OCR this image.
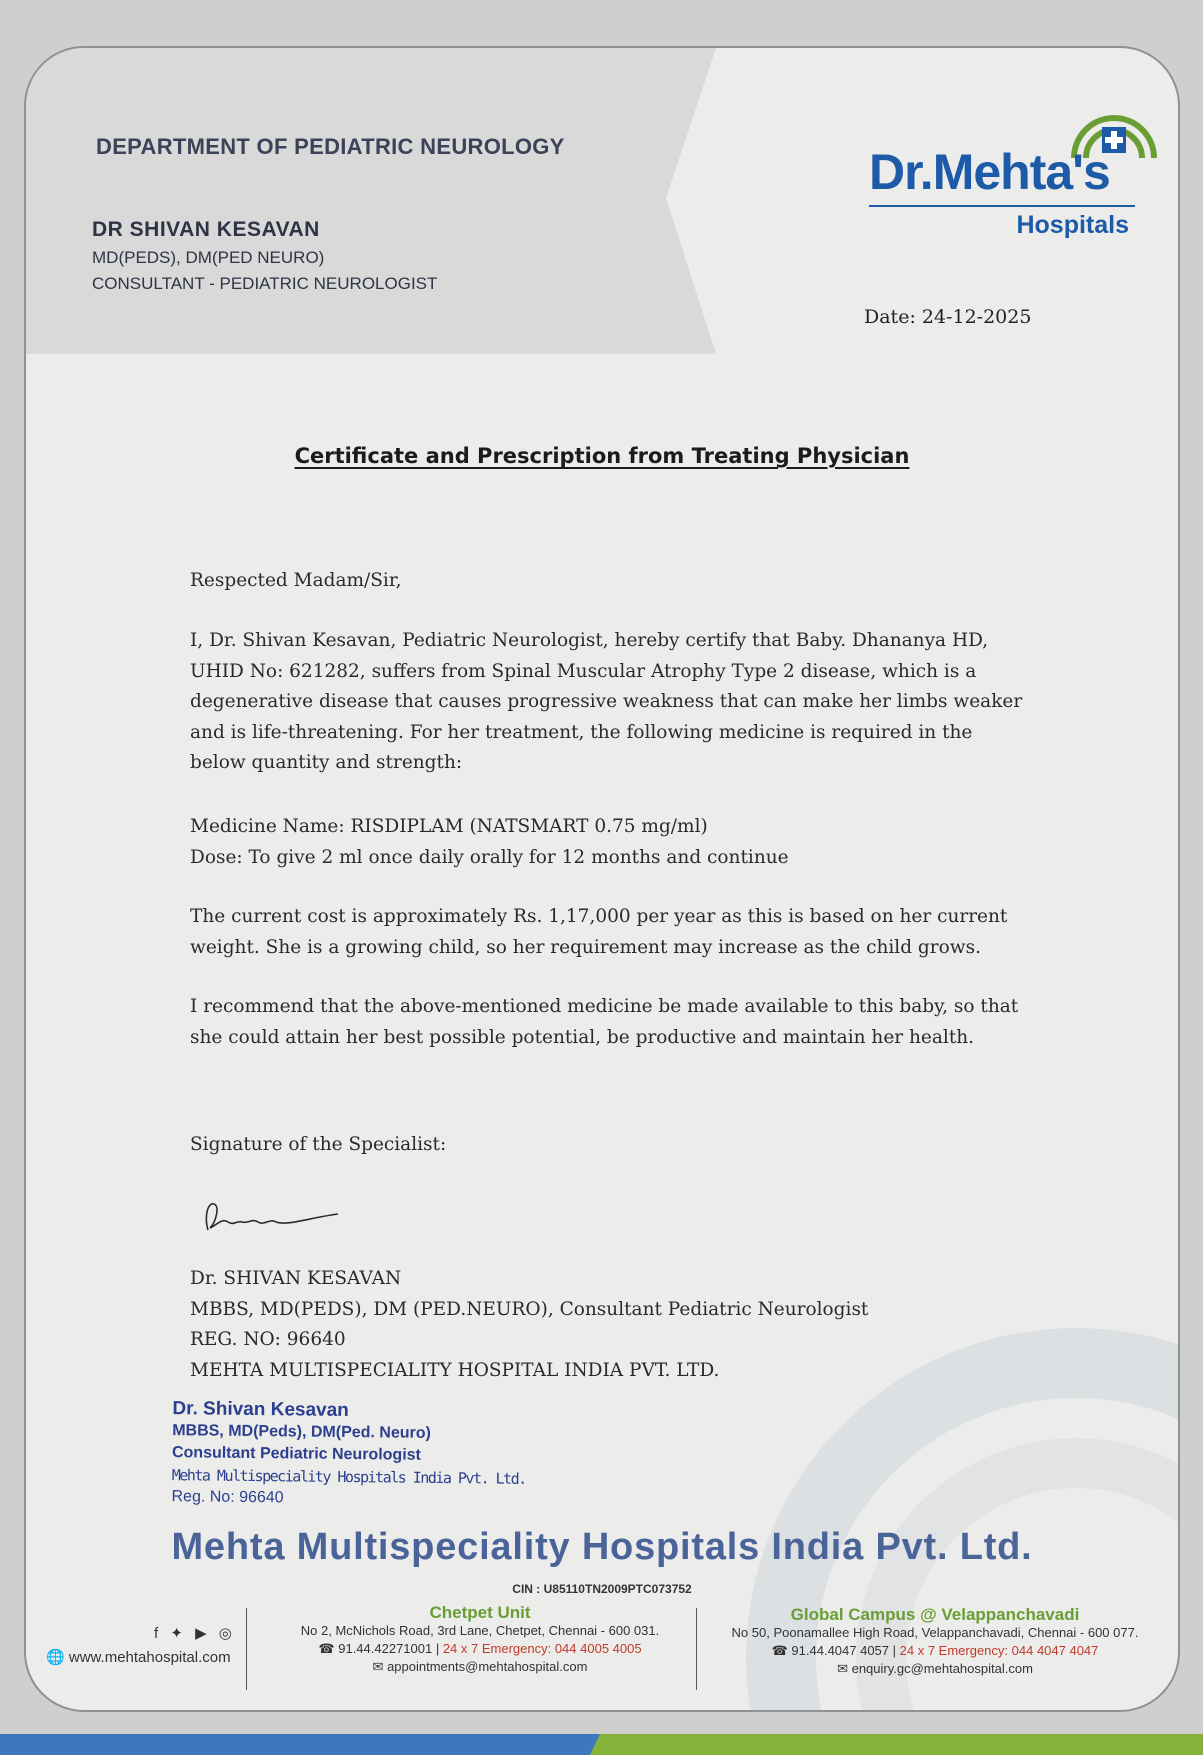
DEPARTMENT OF PEDIATRIC NEUROLOGY
DR SHIVAN KESAVAN
MD(PEDS), DM(PED NEURO)
CONSULTANT - PEDIATRIC NEUROLOGIST
Dr.Mehta's
Hospitals
Date: 24-12-2025
Certificate and Prescription from Treating Physician
Respected Madam/Sir,

I, Dr. Shivan Kesavan, Pediatric Neurologist, hereby certify that Baby. Dhananya HD,

UHID No: 621282, suffers from Spinal Muscular Atrophy Type 2 disease, which is a

degenerative disease that causes progressive weakness that can make her limbs weaker

and is life-threatening. For her treatment, the following medicine is required in the

below quantity and strength:

Medicine Name: RISDIPLAM (NATSMART 0.75 mg/ml)

Dose: To give 2 ml once daily orally for 12 months and continue

The current cost is approximately Rs. 1,17,000 per year as this is based on her current

weight. She is a growing child, so her requirement may increase as the child grows.

I recommend that the above-mentioned medicine be made available to this baby, so that

she could attain her best possible potential, be productive and maintain her health.

Signature of the Specialist:

Dr. SHIVAN KESAVAN

MBBS, MD(PEDS), DM (PED.NEURO), Consultant Pediatric Neurologist

REG. NO: 96640

MEHTA MULTISPECIALITY HOSPITAL INDIA PVT. LTD.

Dr. Shivan Kesavan
MBBS, MD(Peds), DM(Ped. Neuro)
Consultant Pediatric Neurologist
Mehta Multispeciality Hospitals India Pvt. Ltd.
Reg. No: 96640
Mehta Multispeciality Hospitals India Pvt. Ltd.
CIN : U85110TN2009PTC073752
f ✦ ▶ ◎
🌐 www.mehtahospital.com
Chetpet Unit
No 2, McNichols Road, 3rd Lane, Chetpet, Chennai - 600 031.
☎ 91.44.42271001 | 24 x 7 Emergency: 044 4005 4005
✉ appointments@mehtahospital.com
Global Campus @ Velappanchavadi
No 50, Poonamallee High Road, Velappanchavadi, Chennai - 600 077.
☎ 91.44.4047 4057 | 24 x 7 Emergency: 044 4047 4047
✉ enquiry.gc@mehtahospital.com
